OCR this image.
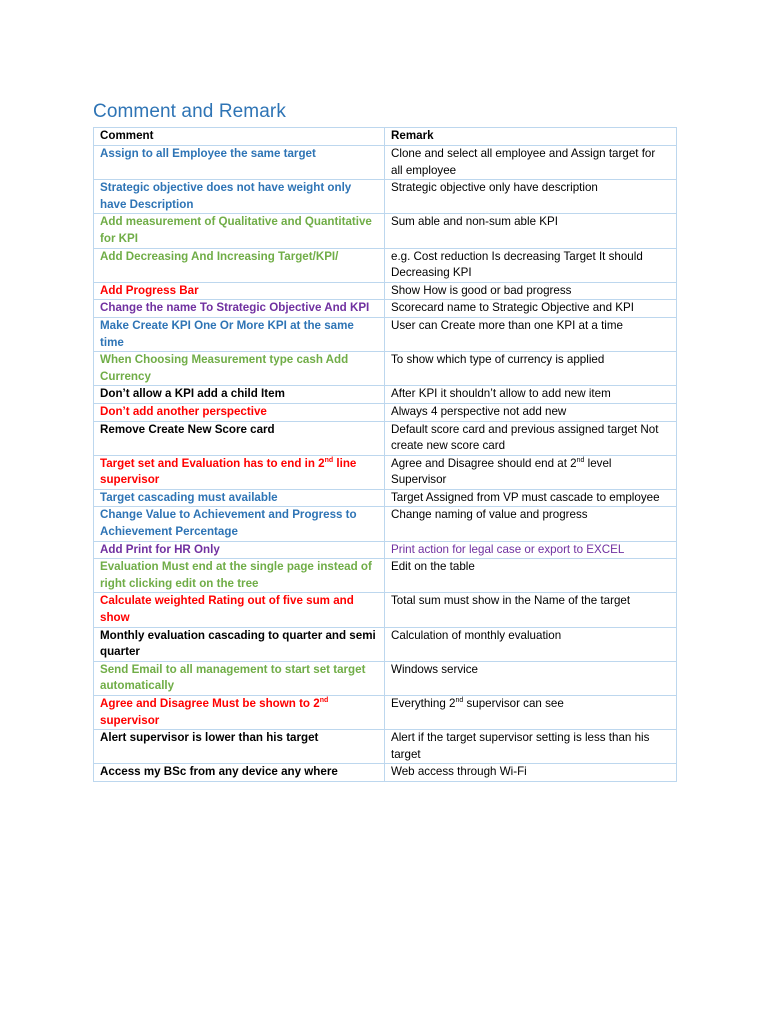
Comment and Remark
Comment	Remark
Assign to all Employee the same target	Clone and select all employee and Assign target for all employee
Strategic objective does not have weight only have Description	Strategic objective only have description
Add measurement of Qualitative and Quantitative for KPI	Sum able and non-sum able KPI
Add Decreasing And Increasing Target/KPI/	e.g. Cost reduction Is decreasing Target It should Decreasing KPI
Add Progress Bar	Show How is good or bad progress
Change the name To Strategic Objective And KPI	Scorecard name to Strategic Objective and KPI
Make Create KPI One Or More KPI at the same time	User can Create more than one KPI at a time
When Choosing Measurement type cash Add Currency	To show which type of currency is applied
Don’t allow a KPI add a child Item	After KPI it shouldn’t allow to add new item
Don’t add another perspective	Always 4 perspective not add new
Remove Create New Score card	Default score card and previous assigned target Not create new score card
Target set and Evaluation has to end in 2nd line supervisor	Agree and Disagree should end at 2nd level Supervisor
Target cascading must available	Target Assigned from VP must cascade to employee
Change Value to Achievement and Progress to Achievement Percentage	Change naming of value and progress
Add Print for HR Only	Print action for legal case or export to EXCEL
Evaluation Must end at the single page instead of right clicking edit on the tree	Edit on the table
Calculate weighted Rating out of five sum and show	Total sum must show in the Name of the target
Monthly evaluation cascading to quarter and semi quarter	Calculation of monthly evaluation
Send Email to all management to start set target automatically	Windows service
Agree and Disagree Must be shown to 2nd supervisor	Everything 2nd supervisor can see
Alert supervisor is lower than his target	Alert if the target supervisor setting is less than his target
Access my BSc from any device any where	Web access through Wi-Fi
